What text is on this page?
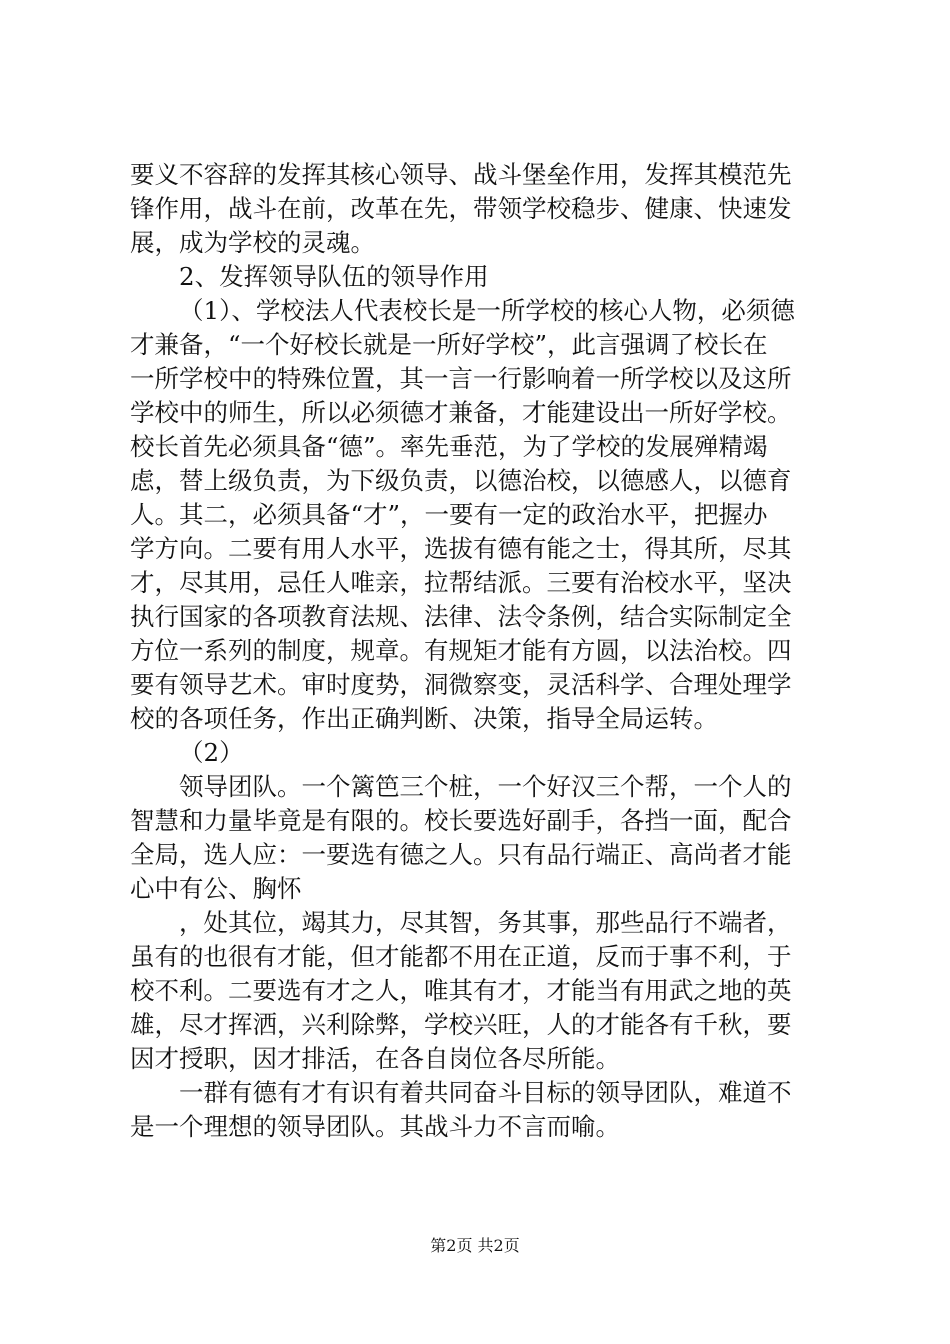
要义不容辞的发挥其核心领导、战斗堡垒作用，发挥其模范先
锋作用，战斗在前，改革在先，带领学校稳步、健康、快速发
展，成为学校的灵魂。
2、发挥领导队伍的领导作用
（1）、学校法人代表校长是一所学校的核心人物，必须德
才兼备，“一个好校长就是一所好学校”，此言强调了校长在
一所学校中的特殊位置，其一言一行影响着一所学校以及这所
学校中的师生，所以必须德才兼备，才能建设出一所好学校。
校长首先必须具备“德”。率先垂范，为了学校的发展殚精竭
虑，替上级负责，为下级负责，以德治校，以德感人，以德育
人。其二，必须具备“才”，一要有一定的政治水平，把握办
学方向。二要有用人水平，选拔有德有能之士，得其所，尽其
才，尽其用，忌任人唯亲，拉帮结派。三要有治校水平，坚决
执行国家的各项教育法规、法律、法令条例，结合实际制定全
方位一系列的制度，规章。有规矩才能有方圆，以法治校。四
要有领导艺术。审时度势，洞微察变，灵活科学、合理处理学
校的各项任务，作出正确判断、决策，指导全局运转。
（2）
领导团队。一个篱笆三个桩，一个好汉三个帮，一个人的
智慧和力量毕竟是有限的。校长要选好副手，各挡一面，配合
全局，选人应：一要选有德之人。只有品行端正、高尚者才能
心中有公、胸怀
，处其位，竭其力，尽其智，务其事，那些品行不端者，
虽有的也很有才能，但才能都不用在正道，反而于事不利，于
校不利。二要选有才之人，唯其有才，才能当有用武之地的英
雄，尽才挥洒，兴利除弊，学校兴旺，人的才能各有千秋，要
因才授职，因才排活，在各自岗位各尽所能。
一群有德有才有识有着共同奋斗目标的领导团队，难道不
是一个理想的领导团队。其战斗力不言而喻。
第2页 共2页
